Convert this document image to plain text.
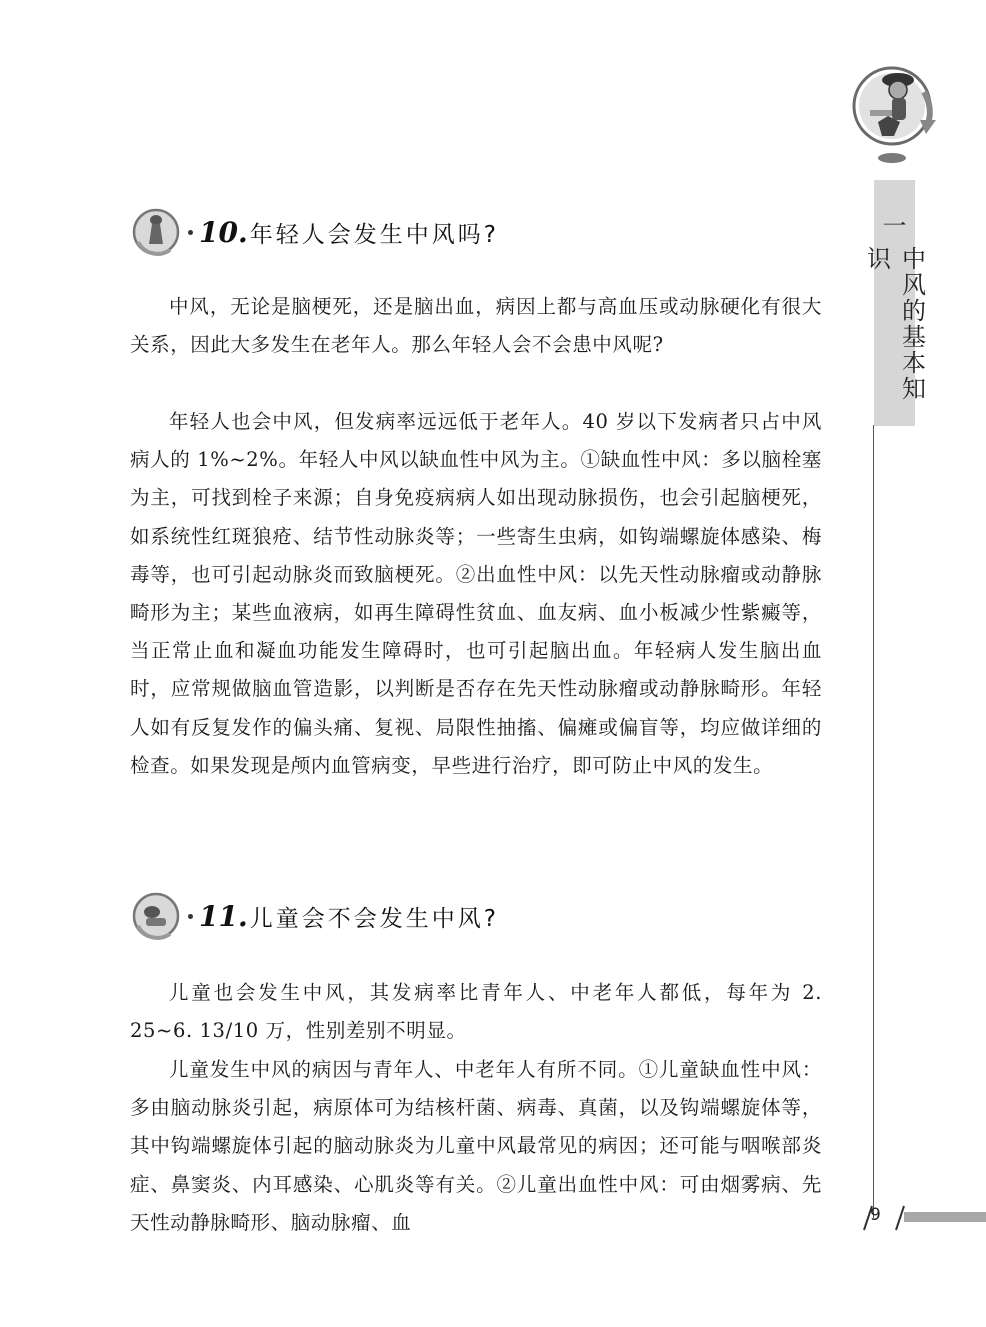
一
中风的基本知识
10. 年轻人会发生中风吗?

中风，无论是脑梗死，还是脑出血，病因上都与高血压或动脉硬化有很大关系，因此大多发生在老年人。那么年轻人会不会患中风呢?

年轻人也会中风，但发病率远远低于老年人。40 岁以下发病者只占中风病人的 1%~2%。年轻人中风以缺血性中风为主。①缺血性中风：多以脑栓塞为主，可找到栓子来源；自身免疫病病人如出现动脉损伤，也会引起脑梗死，如系统性红斑狼疮、结节性动脉炎等；一些寄生虫病，如钩端螺旋体感染、梅毒等，也可引起动脉炎而致脑梗死。②出血性中风：以先天性动脉瘤或动静脉畸形为主；某些血液病，如再生障碍性贫血、血友病、血小板减少性紫癜等，当正常止血和凝血功能发生障碍时，也可引起脑出血。年轻病人发生脑出血时，应常规做脑血管造影，以判断是否存在先天性动脉瘤或动静脉畸形。年轻人如有反复发作的偏头痛、复视、局限性抽搐、偏瘫或偏盲等，均应做详细的检查。如果发现是颅内血管病变，早些进行治疗，即可防止中风的发生。

11. 儿童会不会发生中风?

儿童也会发生中风，其发病率比青年人、中老年人都低，每年为 2. 25~6. 13/10 万，性别差别不明显。

儿童发生中风的病因与青年人、中老年人有所不同。①儿童缺血性中风：多由脑动脉炎引起，病原体可为结核杆菌、病毒、真菌，以及钩端螺旋体等，其中钩端螺旋体引起的脑动脉炎为儿童中风最常见的病因；还可能与咽喉部炎症、鼻窦炎、内耳感染、心肌炎等有关。②儿童出血性中风：可由烟雾病、先天性动静脉畸形、脑动脉瘤、血	9
